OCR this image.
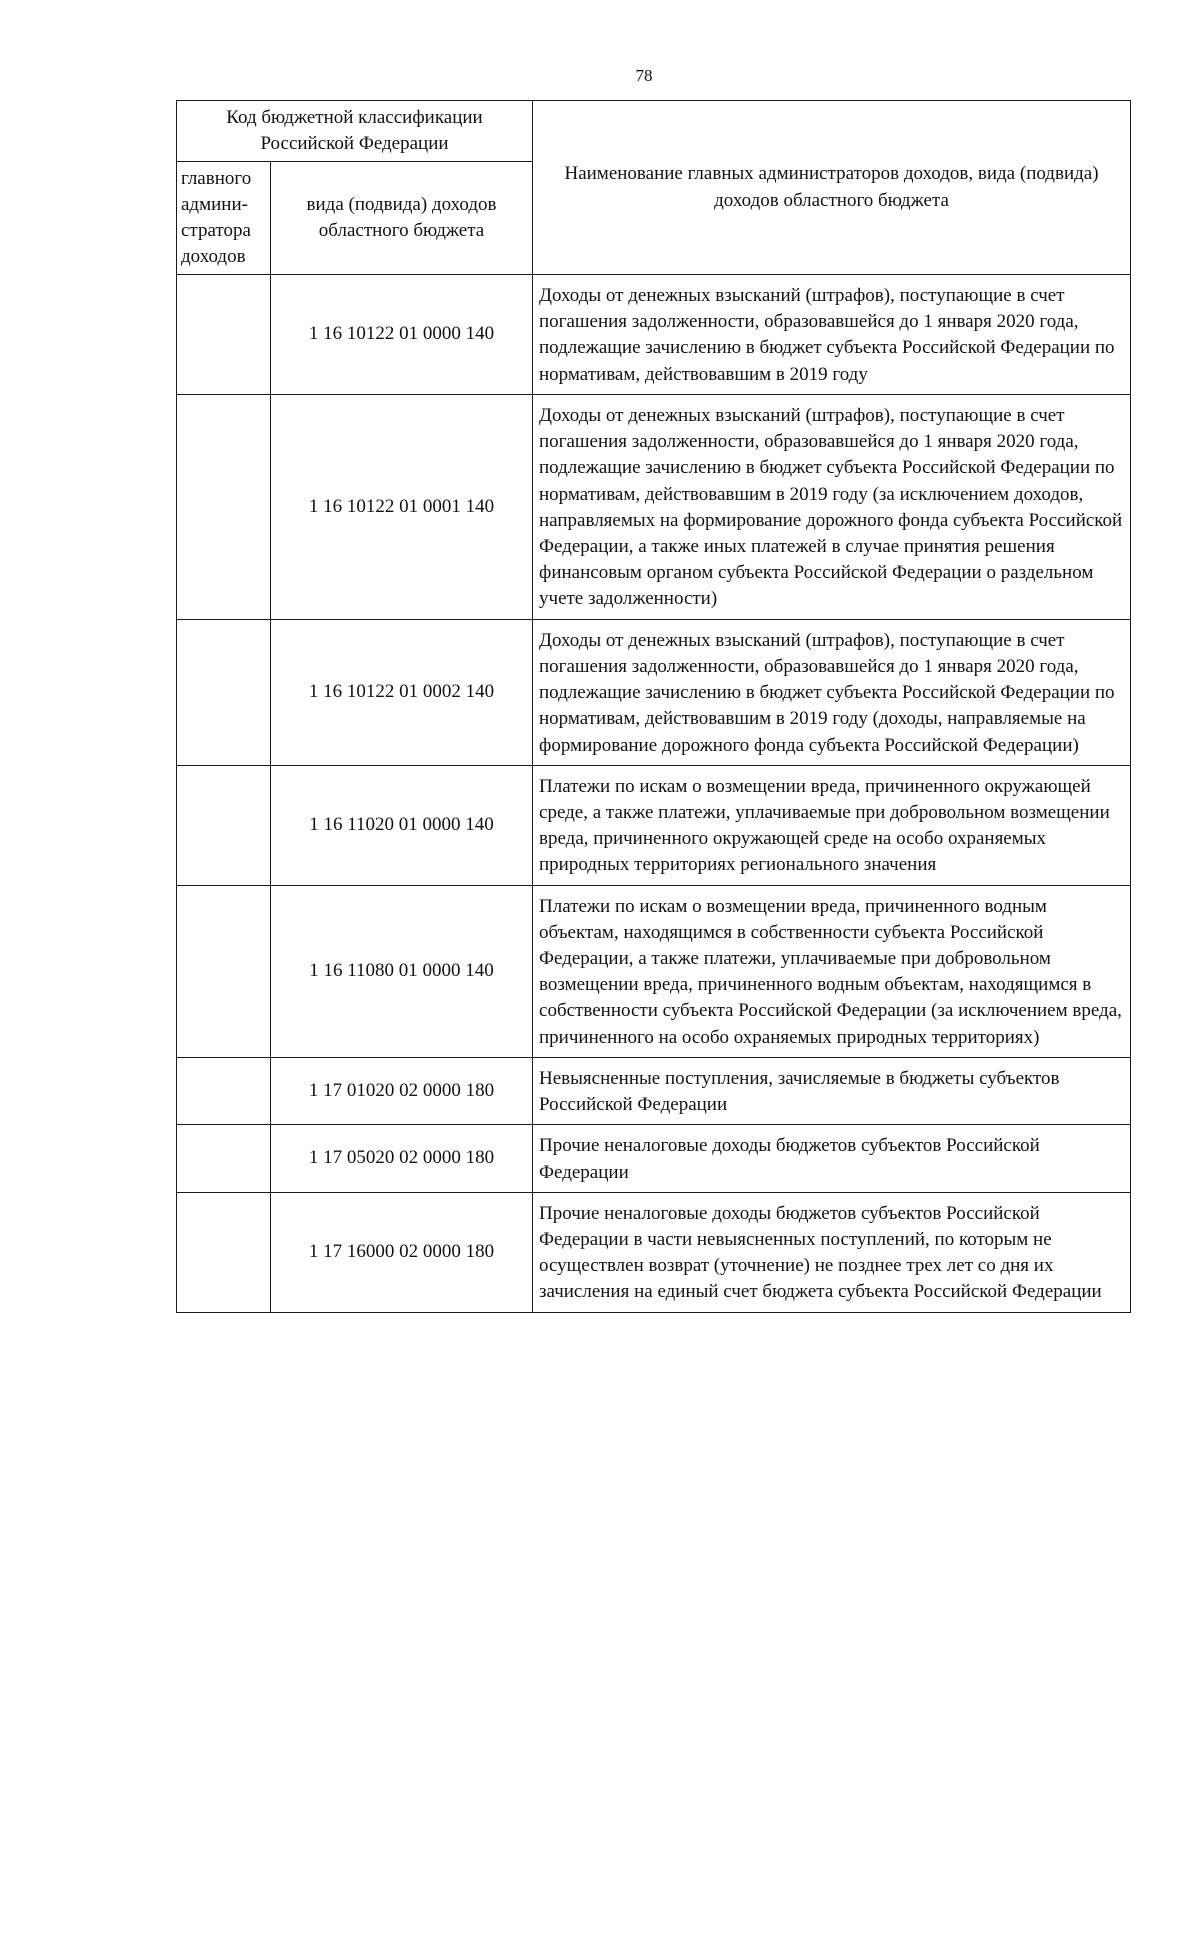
78
Код бюджетной классификации Российской Федерации		Наименование главных администраторов доходов, вида (подвида) доходов областного бюджета
главного админи-стратора доходов	вида (подвида) доходов областного бюджета	
	1 16 10122 01 0000 140	Доходы от денежных взысканий (штрафов), поступающие в счет погашения задолженности, образовавшейся до 1 января 2020 года, подлежащие зачислению в бюджет субъекта Российской Федерации по нормативам, действовавшим в 2019 году
	1 16 10122 01 0001 140	Доходы от денежных взысканий (штрафов), поступающие в счет погашения задолженности, образовавшейся до 1 января 2020 года, подлежащие зачислению в бюджет субъекта Российской Федерации по нормативам, действовавшим в 2019 году (за исключением доходов, направляемых на формирование дорожного фонда субъекта Российской Федерации, а также иных платежей в случае принятия решения финансовым органом субъекта Российской Федерации о раздельном учете задолженности)
	1 16 10122 01 0002 140	Доходы от денежных взысканий (штрафов), поступающие в счет погашения задолженности, образовавшейся до 1 января 2020 года, подлежащие зачислению в бюджет субъекта Российской Федерации по нормативам, действовавшим в 2019 году (доходы, направляемые на формирование дорожного фонда субъекта Российской Федерации)
	1 16 11020 01 0000 140	Платежи по искам о возмещении вреда, причиненного окружающей среде, а также платежи, уплачиваемые при добровольном возмещении вреда, причиненного окружающей среде на особо охраняемых природных территориях регионального значения
	1 16 11080 01 0000 140	Платежи по искам о возмещении вреда, причиненного водным объектам, находящимся в собственности субъекта Российской Федерации, а также платежи, уплачиваемые при добровольном возмещении вреда, причиненного водным объектам, находящимся в собственности субъекта Российской Федерации (за исключением вреда, причиненного на особо охраняемых природных территориях)
	1 17 01020 02 0000 180	Невыясненные поступления, зачисляемые в бюджеты субъектов Российской Федерации
	1 17 05020 02 0000 180	Прочие неналоговые доходы бюджетов субъектов Российской Федерации
	1 17 16000 02 0000 180	Прочие неналоговые доходы бюджетов субъектов Российской Федерации в части невыясненных поступлений, по которым не осуществлен возврат (уточнение) не позднее трех лет со дня их зачисления на единый счет бюджета субъекта Российской Федерации
